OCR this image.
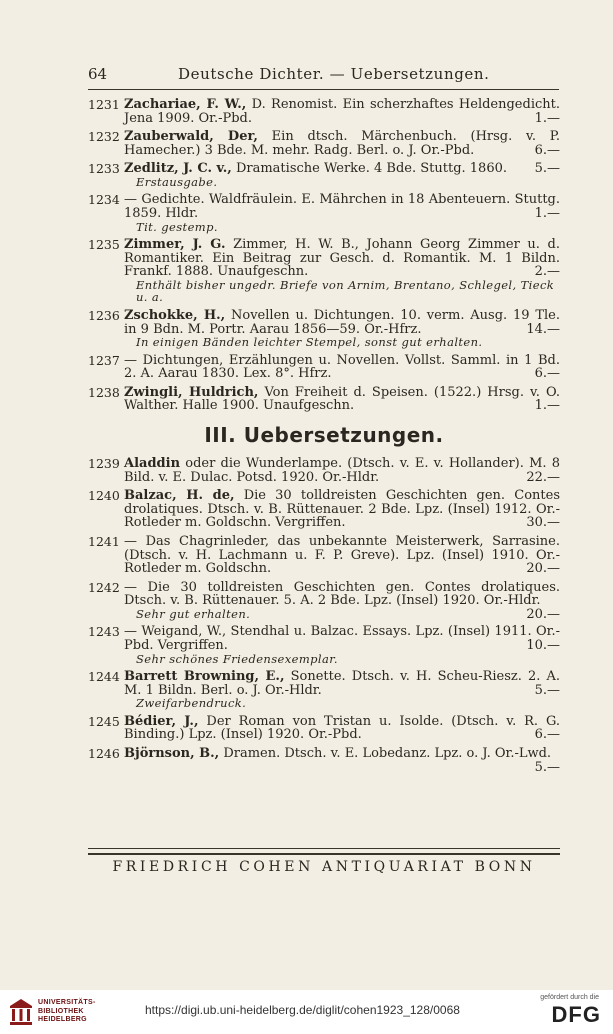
64	Deutsche Dichter. — Uebersetzungen.
1231 Zachariae, F. W., D. Renomist. Ein scherzhaftes Heldengedicht. Jena 1909. Or.-Pbd.	1.—
1232 Zauberwald, Der, Ein dtsch. Märchenbuch. (Hrsg. v. P. Hamecher.) 3 Bde. M. mehr. Radg. Berl. o. J. Or.-Pbd.	6.—
1233 Zedlitz, J. C. v., Dramatische Werke. 4 Bde. Stuttg. 1860.	5.—
Erstausgabe.
1234 — Gedichte. Waldfräulein. E. Mährchen in 18 Abenteuern. Stuttg. 1859. Hldr.	1.—
Tit. gestemp.
1235 Zimmer, J. G. Zimmer, H. W. B., Johann Georg Zimmer u. d. Romantiker. Ein Beitrag zur Gesch. d. Romantik. M. 1 Bildn. Frankf. 1888. Unaufgeschn.	2.—
Enthält bisher ungedr. Briefe von Arnim, Brentano, Schlegel, Tieck u. a.
1236 Zschokke, H., Novellen u. Dichtungen. 10. verm. Ausg. 19 Tle. in 9 Bdn. M. Portr. Aarau 1856—59. Or.-Hfrz.	14.—
In einigen Bänden leichter Stempel, sonst gut erhalten.
1237 — Dichtungen, Erzählungen u. Novellen. Vollst. Samml. in 1 Bd. 2. A. Aarau 1830. Lex. 8°. Hfrz.	6.—
1238 Zwingli, Huldrich, Von Freiheit d. Speisen. (1522.) Hrsg. v. O. Walther. Halle 1900. Unaufgeschn.	1.—
III. Uebersetzungen.
1239 Aladdin oder die Wunderlampe. (Dtsch. v. E. v. Hollander). M. 8 Bild. v. E. Dulac. Potsd. 1920. Or.-Hldr.	22.—
1240 Balzac, H. de, Die 30 tolldreisten Geschichten gen. Contes drolatiques. Dtsch. v. B. Rüttenauer. 2 Bde. Lpz. (Insel) 1912. Or.-Rotleder m. Goldschn. Vergriffen.	30.—
1241 — Das Chagrinleder, das unbekannte Meisterwerk, Sarrasine. (Dtsch. v. H. Lachmann u. F. P. Greve). Lpz. (Insel) 1910. Or.-Rotleder m. Goldschn.	20.—
1242 — Die 30 tolldreisten Geschichten gen. Contes drolatiques. Dtsch. v. B. Rüttenauer. 5. A. 2 Bde. Lpz. (Insel) 1920. Or.-Hldr.
20.—
Sehr gut erhalten.
1243 — Weigand, W., Stendhal u. Balzac. Essays. Lpz. (Insel) 1911. Or.-Pbd. Vergriffen.	10.—
Sehr schönes Friedensexemplar.
1244 Barrett Browning, E., Sonette. Dtsch. v. H. Scheu-Riesz. 2. A. M. 1 Bildn. Berl. o. J. Or.-Hldr.	5.—
Zweifarbendruck.
1245 Bédier, J., Der Roman von Tristan u. Isolde. (Dtsch. v. R. G. Binding.) Lpz. (Insel) 1920. Or.-Pbd.	6.—
1246 Björnson, B., Dramen. Dtsch. v. E. Lobedanz. Lpz. o. J. Or.-Lwd.
5.—
FRIEDRICH COHEN ANTIQUARIAT BONN
UNIVERSITÄTS-
BIBLIOTHEK
HEIDELBERG
https://digi.ub.uni-heidelberg.de/diglit/cohen1923_128/0068
gefördert durch die
DFG
